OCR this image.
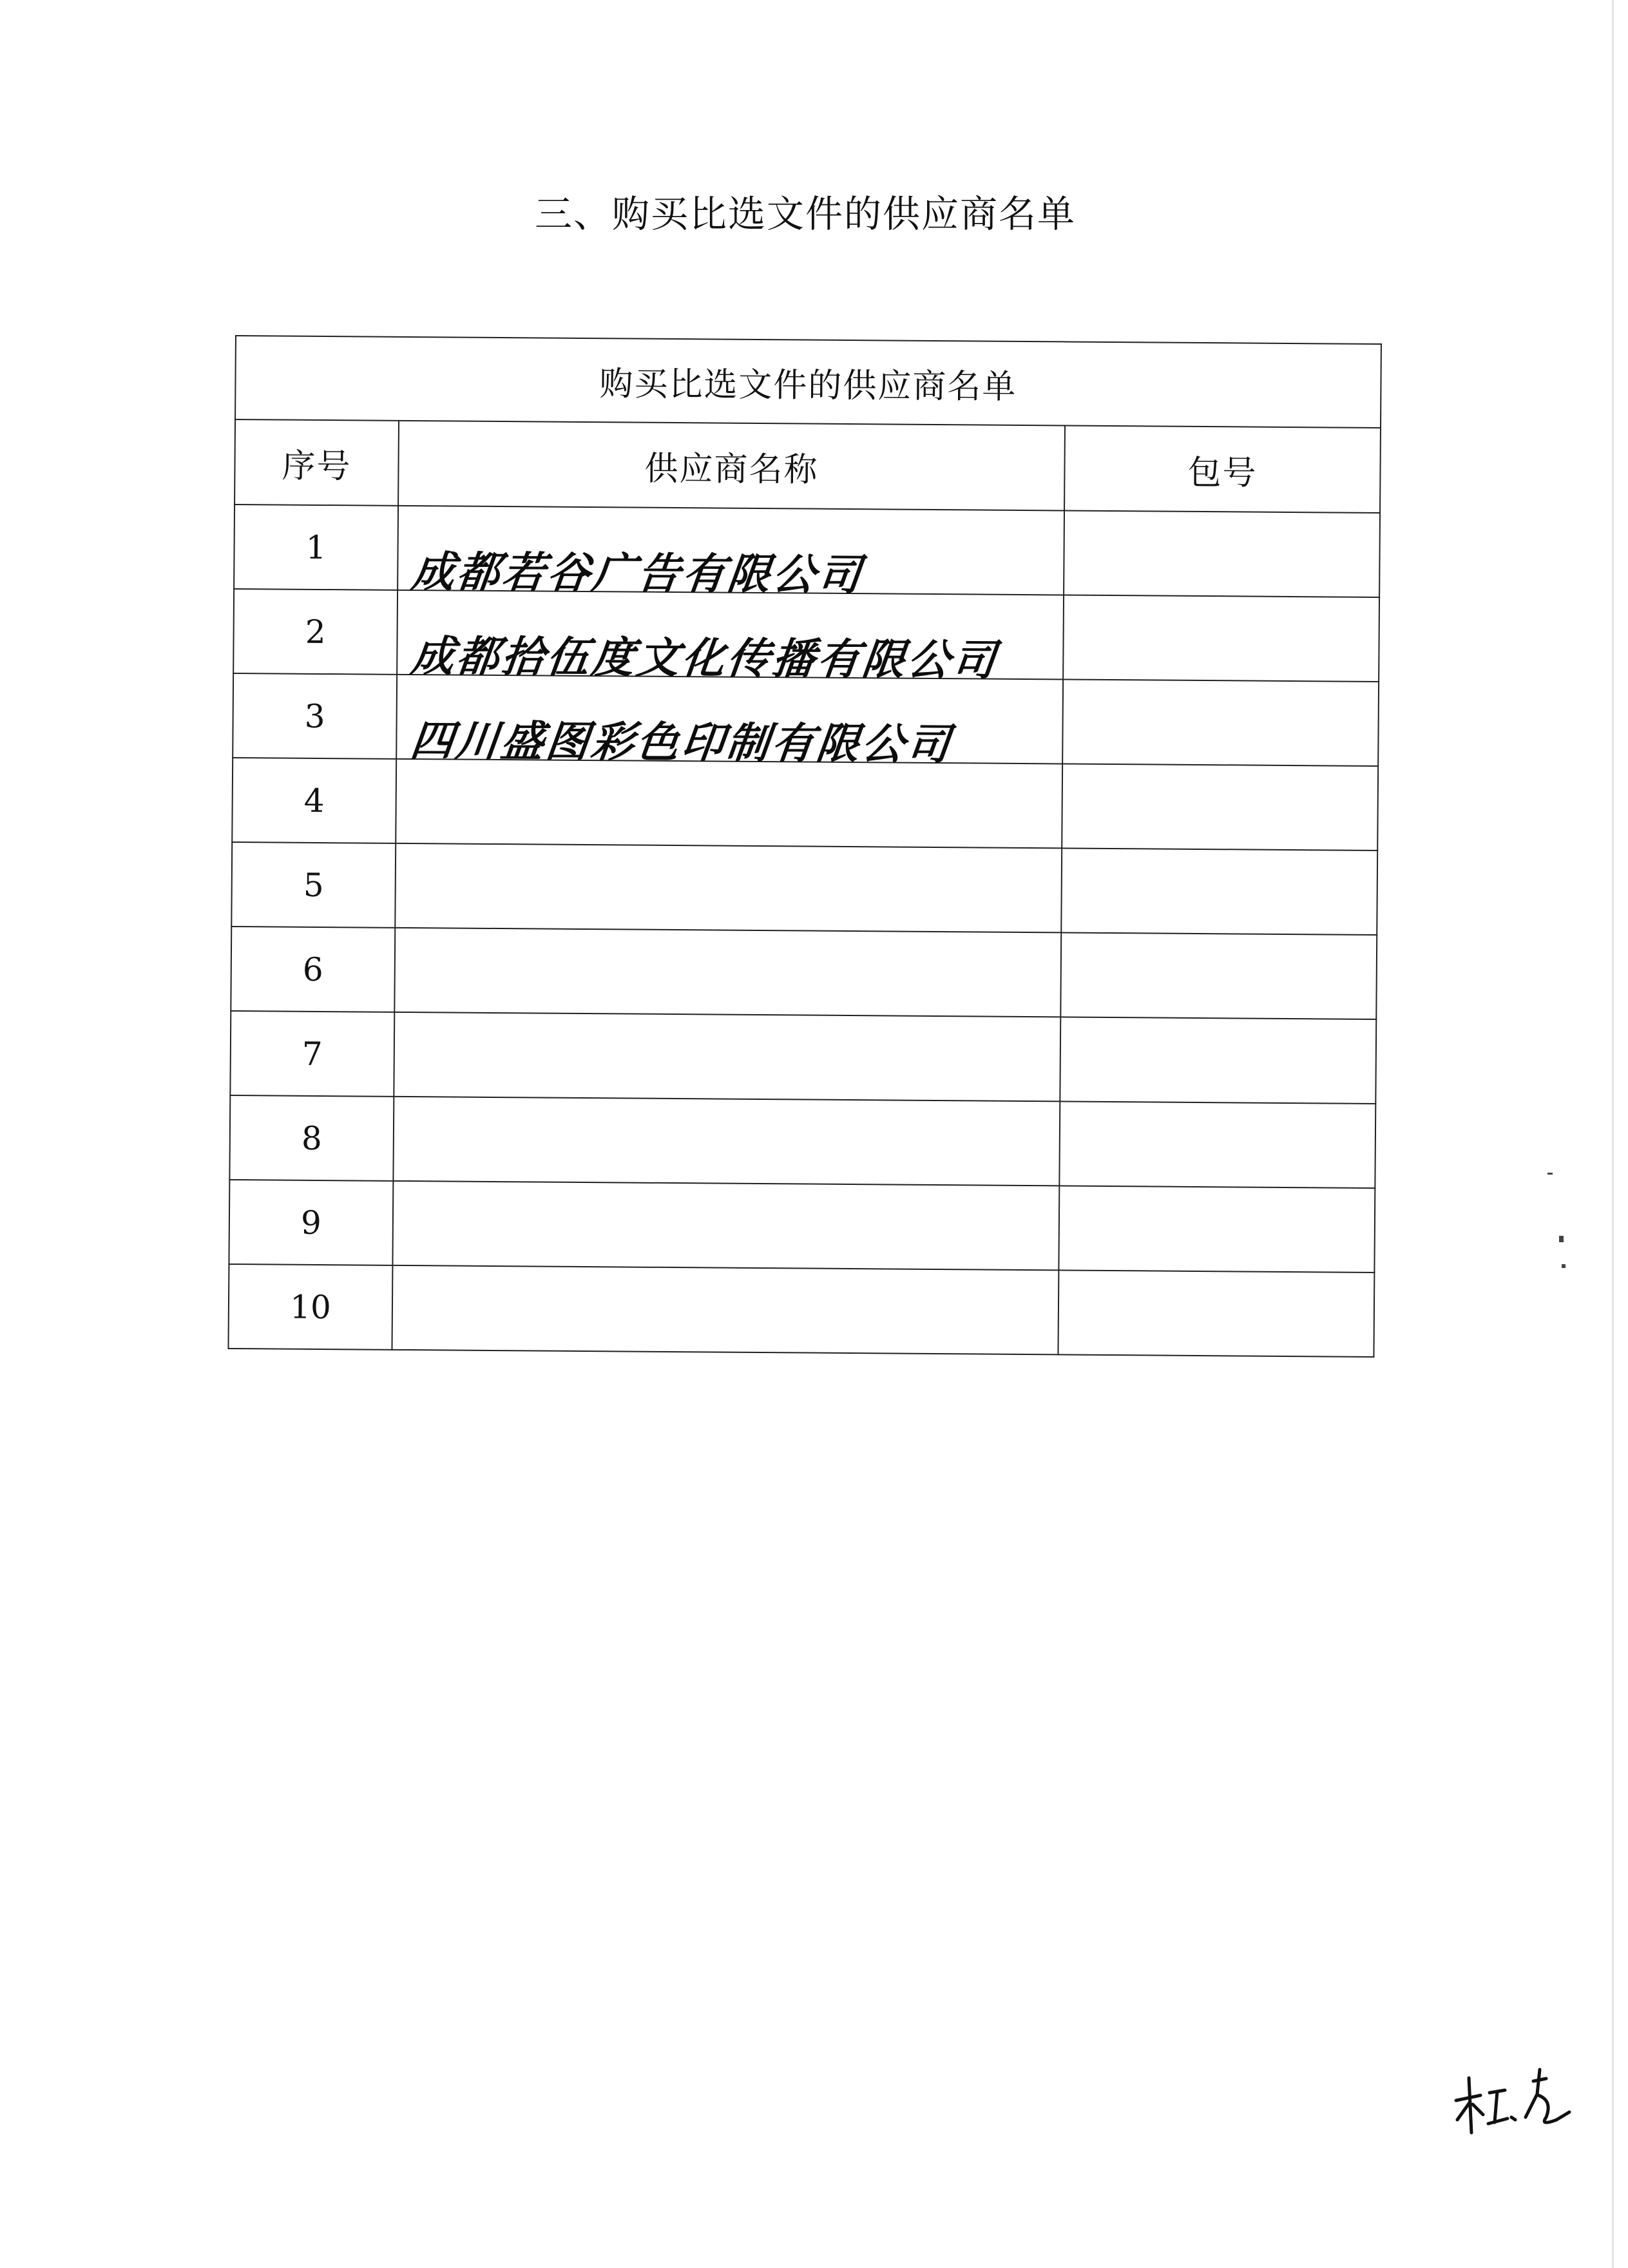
三、购买比选文件的供应商名单
购买比选文件的供应商名单		
序号	供应商名称	包号
1	成都若谷广告有限公司	

2	成都拾伍度文化传播有限公司	

3	四川盛图彩色印制有限公司	

4	

5	

6	

7	

8	

9	

10	
